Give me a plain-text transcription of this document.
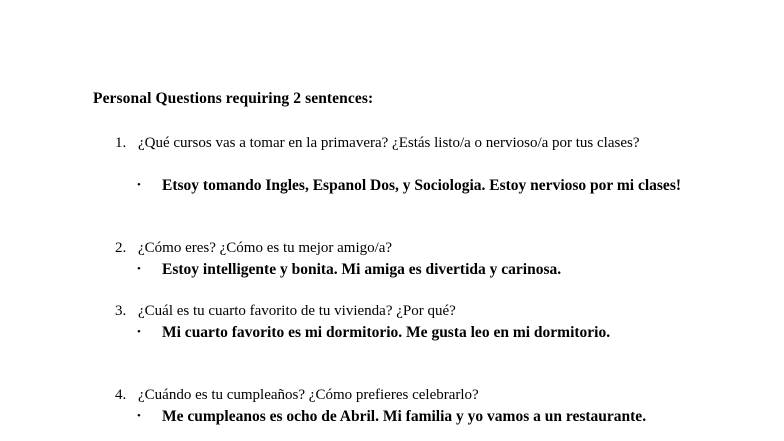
Personal Questions requiring 2 sentences:
1. ¿Qué cursos vas a tomar en la primavera? ¿Estás listo/a o nervioso/a por tus clases?
• Etsoy tomando Ingles, Espanol Dos, y Sociologia. Estoy nervioso por mi clases!
2. ¿Cómo eres? ¿Cómo es tu mejor amigo/a?
• Estoy intelligente y bonita. Mi amiga es divertida y carinosa.
3. ¿Cuál es tu cuarto favorito de tu vivienda? ¿Por qué?
• Mi cuarto favorito es mi dormitorio. Me gusta leo en mi dormitorio.
4. ¿Cuándo es tu cumpleaños? ¿Cómo prefieres celebrarlo?
• Me cumpleanos es ocho de Abril. Mi familia y yo vamos a un restaurante.
